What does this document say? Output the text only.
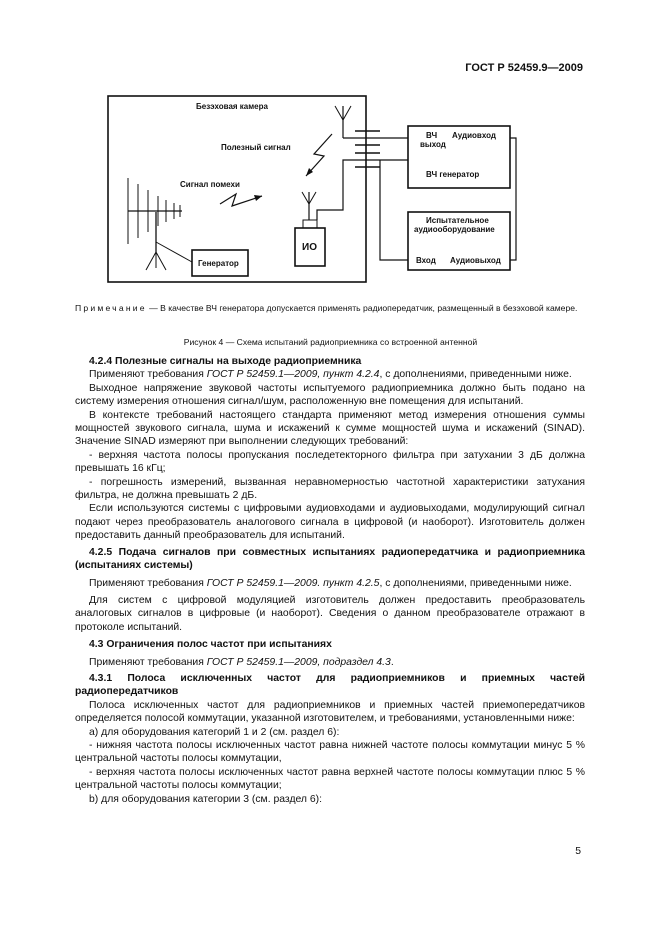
ГОСТ Р 52459.9—2009
Безэховая камера
Полезный сигнал
ИО
Сигнал помехи
Генератор
ВЧ
выход
Аудиовход
ВЧ генератор
Испытательное
аудиооборудование
Вход Аудиовыход
Примечание — В качестве ВЧ генератора допускается применять радиопередатчик, размещенный в безэховой камере.
Рисунок 4 — Схема испытаний радиоприемника со встроенной антенной

4.2.4 Полезные сигналы на выходе радиоприемника

Применяют требования ГОСТ Р 52459.1—2009, пункт 4.2.4, с дополнениями, приведенными ниже.

Выходное напряжение звуковой частоты испытуемого радиоприемника должно быть подано на систему измерения отношения сигнал/шум, расположенную вне помещения для испытаний.

В контексте требований настоящего стандарта применяют метод измерения отношения суммы мощностей звукового сигнала, шума и искажений к сумме мощностей шума и искажений (SINAD). Значение SINAD измеряют при выполнении следующих требований:

- верхняя частота полосы пропускания последетекторного фильтра при затухании 3 дБ должна превышать 16 кГц;

- погрешность измерений, вызванная неравномерностью частотной характеристики затухания фильтра, не должна превышать 2 дБ.

Если используются системы с цифровыми аудиовходами и аудиовыходами, модулирующий сигнал подают через преобразователь аналогового сигнала в цифровой (и наоборот). Изготовитель должен предоставить данный преобразователь для испытаний.

4.2.5 Подача сигналов при совместных испытаниях радиопередатчика и радиоприемника (испытаниях системы)

Применяют требования ГОСТ Р 52459.1—2009. пункт 4.2.5, с дополнениями, приведенными ниже.

Для систем с цифровой модуляцией изготовитель должен предоставить преобразователь аналоговых сигналов в цифровые (и наоборот). Сведения о данном преобразователе отражают в протоколе испытаний.

4.3 Ограничения полос частот при испытаниях

Применяют требования ГОСТ Р 52459.1—2009, подраздел 4.3.

4.3.1 Полоса исключенных частот для радиоприемников и приемных частей радиопередатчиков

Полоса исключенных частот для радиоприемников и приемных частей приемопередатчиков определяется полосой коммутации, указанной изготовителем, и требованиями, установленными ниже:

a) для оборудования категорий 1 и 2 (см. раздел 6):

- нижняя частота полосы исключенных частот равна нижней частоте полосы коммутации минус 5 % центральной частоты полосы коммутации,

- верхняя частота полосы исключенных частот равна верхней частоте полосы коммутации плюс 5 % центральной частоты полосы коммутации;

b) для оборудования категории 3 (см. раздел 6):

5
